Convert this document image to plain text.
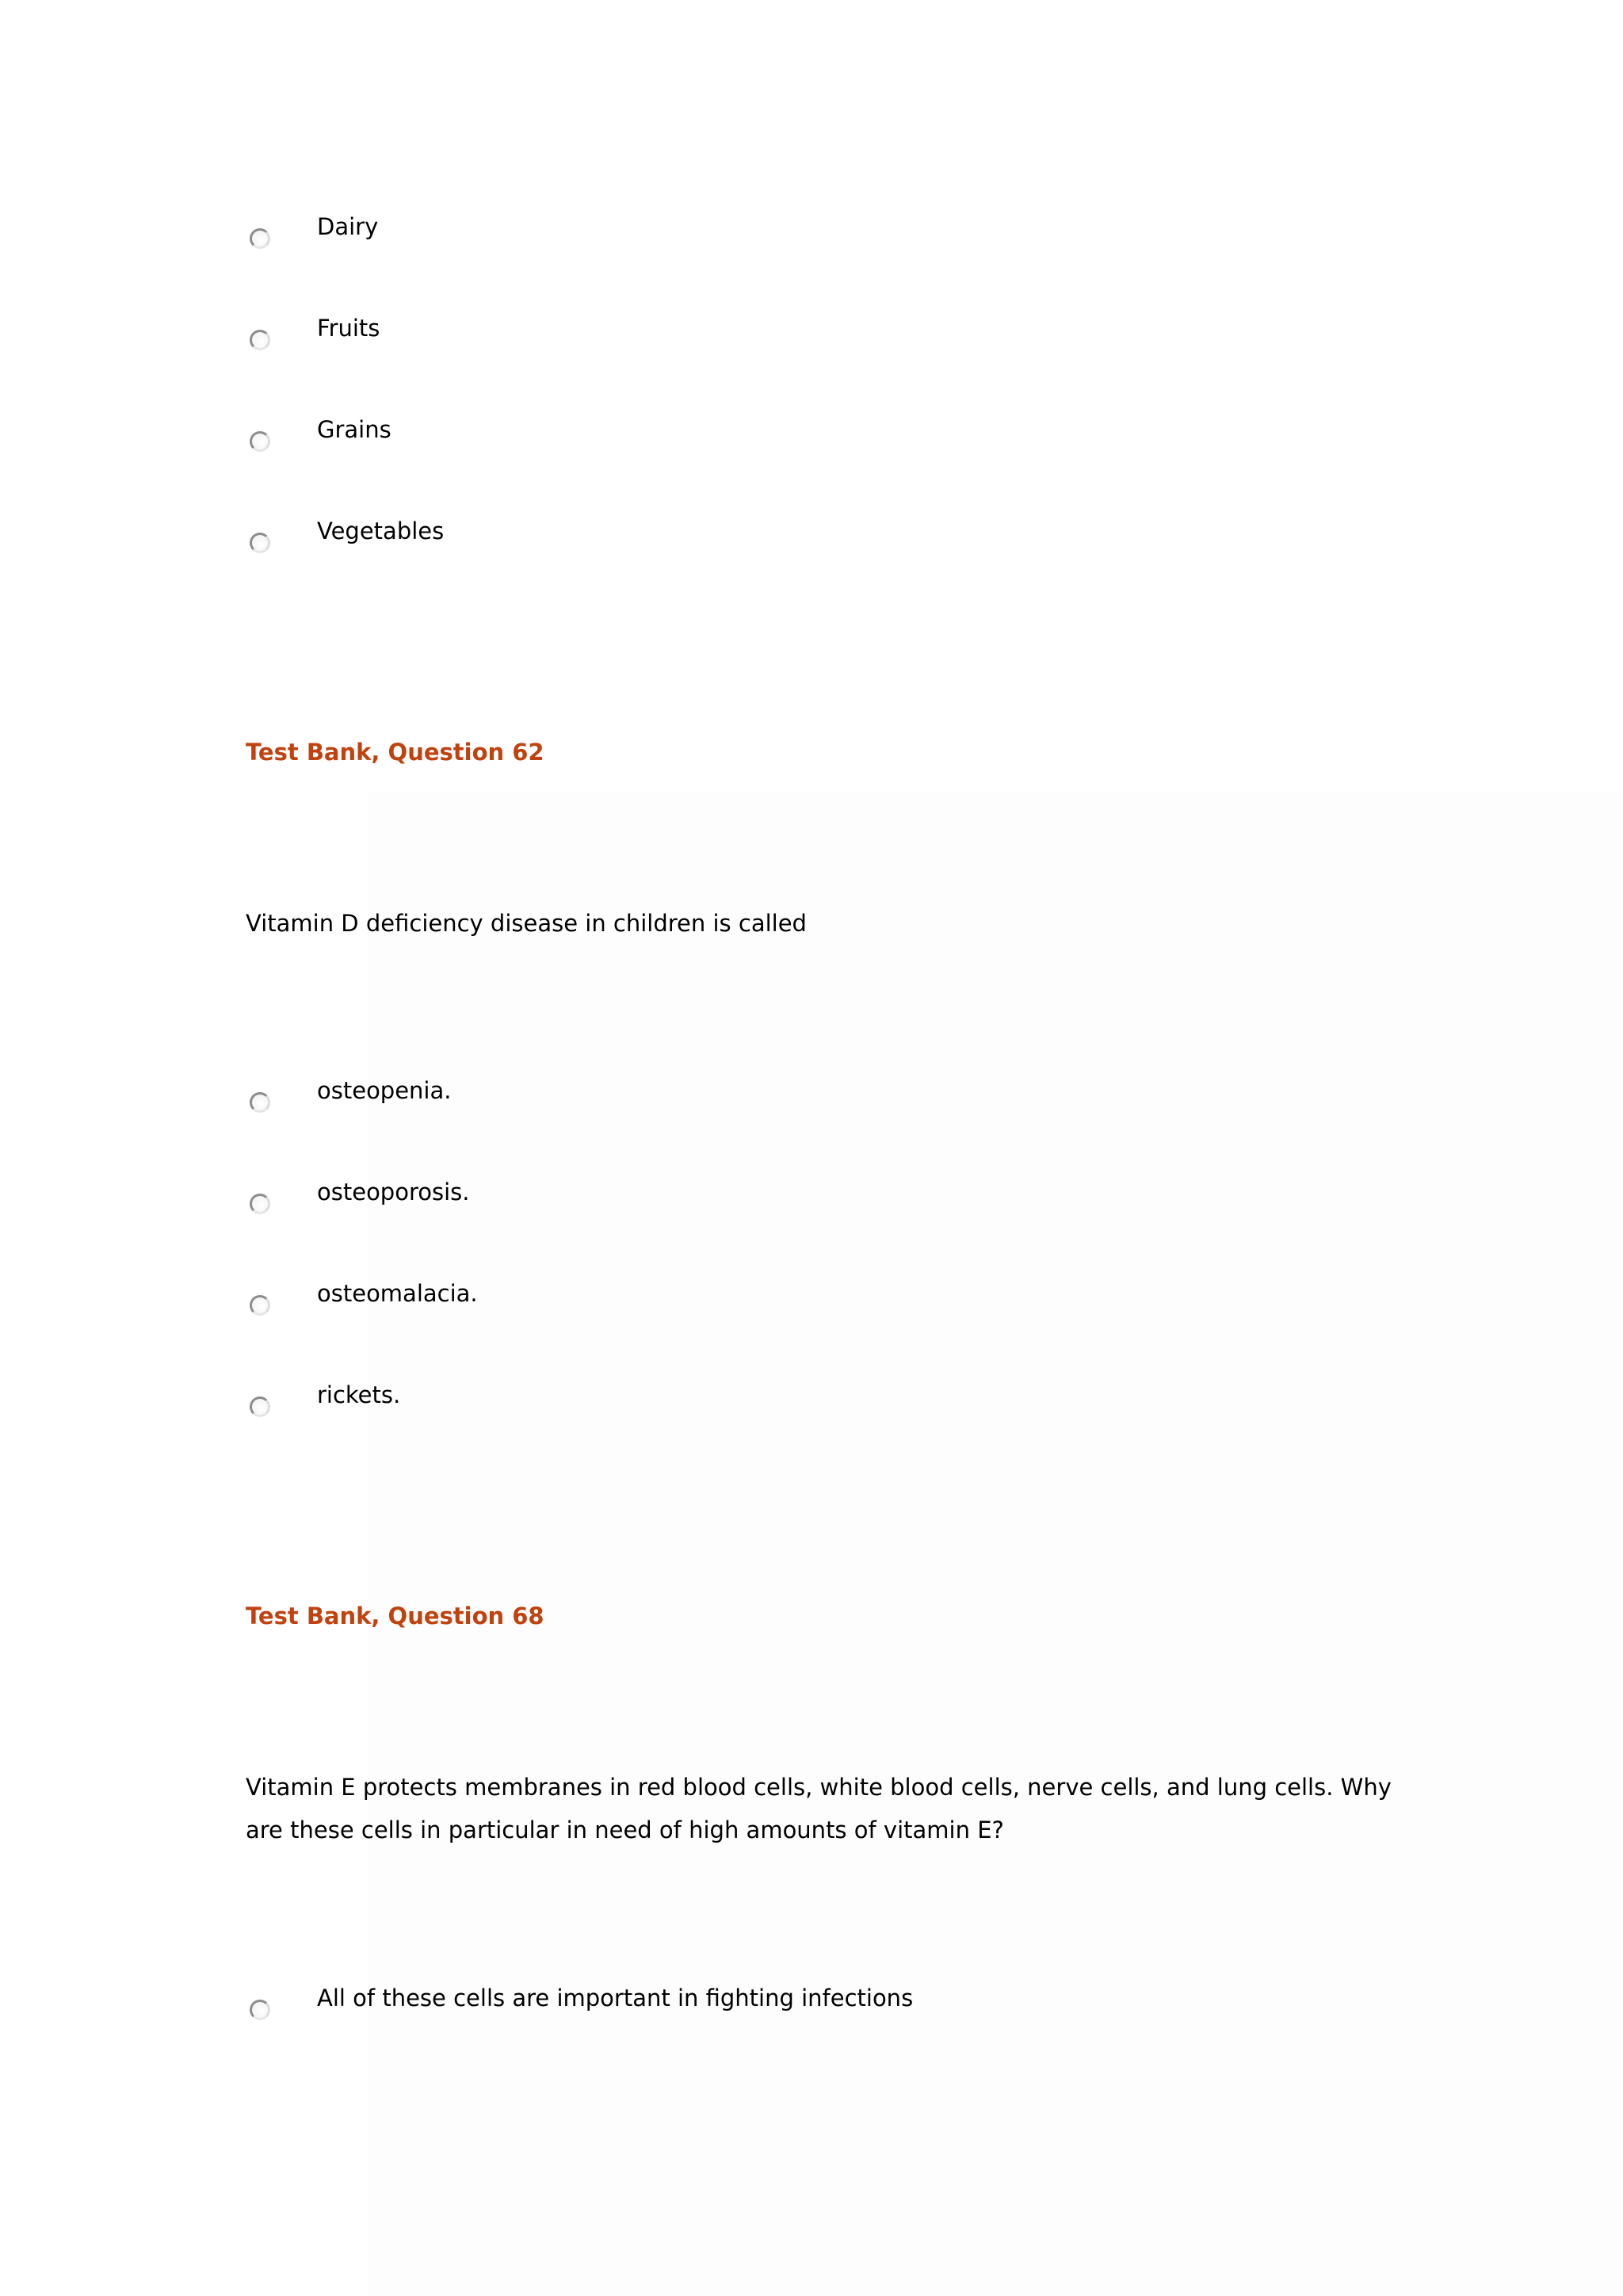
Dairy
Fruits
Grains
Vegetables
Test Bank, Question 62
Vitamin D deficiency disease in children is called
osteopenia.
osteoporosis.
osteomalacia.
rickets.
Test Bank, Question 68
Vitamin E protects membranes in red blood cells, white blood cells, nerve cells, and lung cells. Why are these cells in particular in need of high amounts of vitamin E?
All of these cells are important in fighting infections
